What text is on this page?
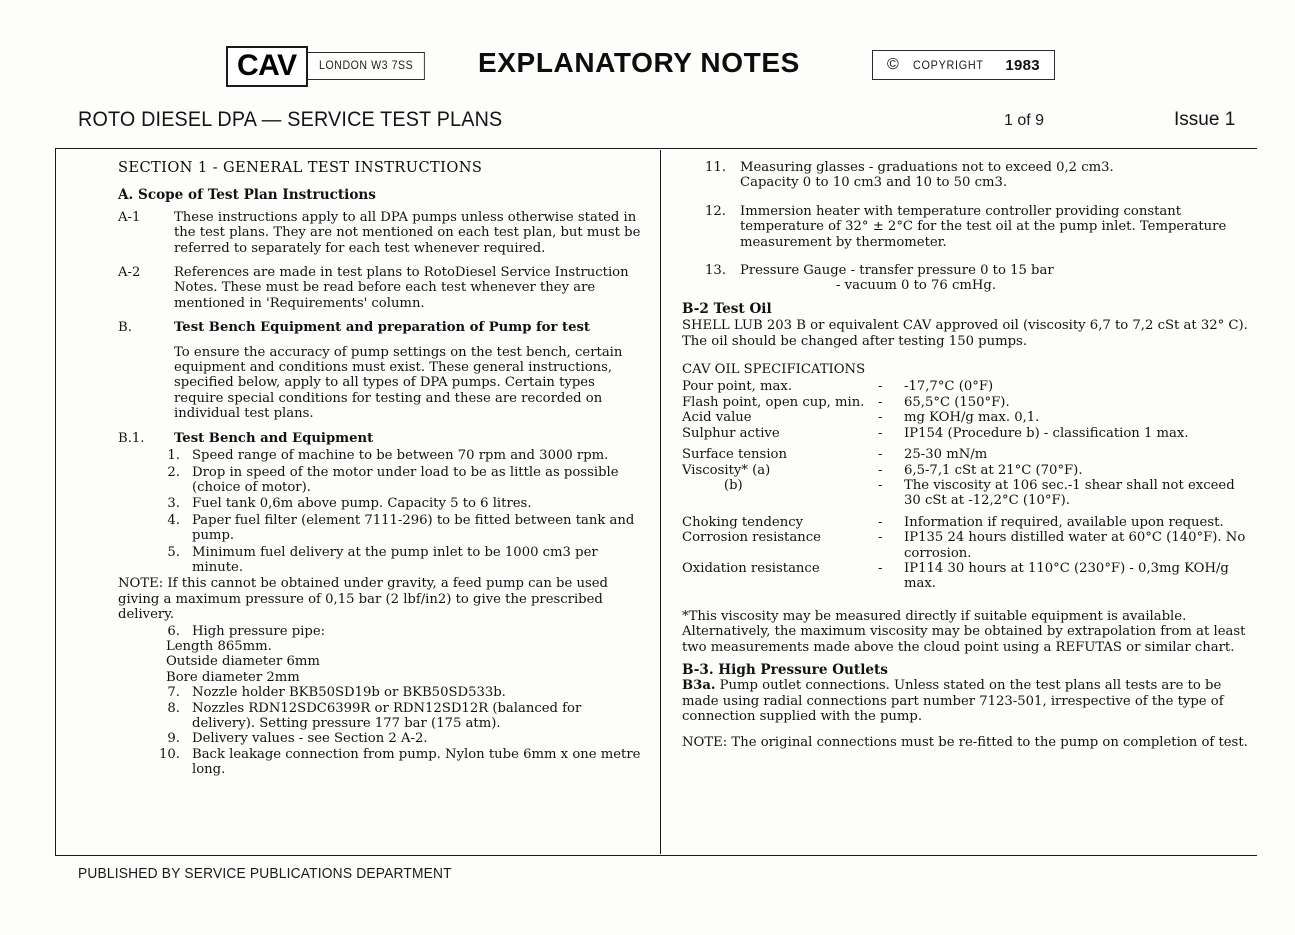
CAV	LONDON W3 7SS	EXPLANATORY NOTES	© COPYRIGHT 1983
ROTO DIESEL DPA — SERVICE TEST PLANS	1 of 9	Issue 1
SECTION 1 - GENERAL TEST INSTRUCTIONS
A. Scope of Test Plan Instructions
A-1	These instructions apply to all DPA pumps unless otherwise stated in the test plans. They are not mentioned on each test plan, but must be referred to separately for each test whenever required.
A-2	References are made in test plans to RotoDiesel Service Instruction Notes. These must be read before each test whenever they are mentioned in 'Requirements' column.
B.	Test Bench Equipment and preparation of Pump for test
To ensure the accuracy of pump settings on the test bench, certain equipment and conditions must exist. These general instructions, specified below, apply to all types of DPA pumps. Certain types require special conditions for testing and these are recorded on individual test plans.
B.1.	Test Bench and Equipment
1. Speed range of machine to be between 70 rpm and 3000 rpm.
2. Drop in speed of the motor under load to be as little as possible (choice of motor).
3. Fuel tank 0,6m above pump. Capacity 5 to 6 litres.
4. Paper fuel filter (element 7111-296) to be fitted between tank and pump.
5. Minimum fuel delivery at the pump inlet to be 1000 cm3 per minute.
NOTE: If this cannot be obtained under gravity, a feed pump can be used giving a maximum pressure of 0,15 bar (2 lbf/in2) to give the prescribed delivery.
6. High pressure pipe:
Length 865mm.
Outside diameter 6mm
Bore diameter 2mm
7. Nozzle holder BKB50SD19b or BKB50SD533b.
8. Nozzles RDN12SDC6399R or RDN12SD12R (balanced for delivery). Setting pressure 177 bar (175 atm).
9. Delivery values - see Section 2 A-2.
10. Back leakage connection from pump. Nylon tube 6mm x one metre long.
11.	Measuring glasses - graduations not to exceed 0,2 cm3.
Capacity 0 to 10 cm3 and 10 to 50 cm3.
12.	Immersion heater with temperature controller providing constant temperature of 32° ± 2°C for the test oil at the pump inlet. Temperature measurement by thermometer.
13.	Pressure Gauge - transfer pressure 0 to 15 bar
- vacuum 0 to 76 cmHg.
B-2 Test Oil
SHELL LUB 203 B or equivalent CAV approved oil (viscosity 6,7 to 7,2 cSt at 32° C). The oil should be changed after testing 150 pumps.
CAV OIL SPECIFICATIONS
Pour point, max.	-	-17,7°C (0°F)
Flash point, open cup, min.	-	65,5°C (150°F).
Acid value	-	mg KOH/g max. 0,1.
Sulphur active	-	IP154 (Procedure b) - classification 1 max.
Surface tension	-	25-30 mN/m
Viscosity* (a)	-	6,5-7,1 cSt at 21°C (70°F).
(b)	-	The viscosity at 106 sec.-1 shear shall not exceed 30 cSt at -12,2°C (10°F).
Choking tendency	-	Information if required, available upon request.
Corrosion resistance	-	IP135 24 hours distilled water at 60°C (140°F). No corrosion.
Oxidation resistance	-	IP114 30 hours at 110°C (230°F) - 0,3mg KOH/g max.
*This viscosity may be measured directly if suitable equipment is available. Alternatively, the maximum viscosity may be obtained by extrapolation from at least two measurements made above the cloud point using a REFUTAS or similar chart.
B-3. High Pressure Outlets
B3a. Pump outlet connections. Unless stated on the test plans all tests are to be made using radial connections part number 7123-501, irrespective of the type of connection supplied with the pump.
NOTE: The original connections must be re-fitted to the pump on completion of test.
PUBLISHED BY SERVICE PUBLICATIONS DEPARTMENT
